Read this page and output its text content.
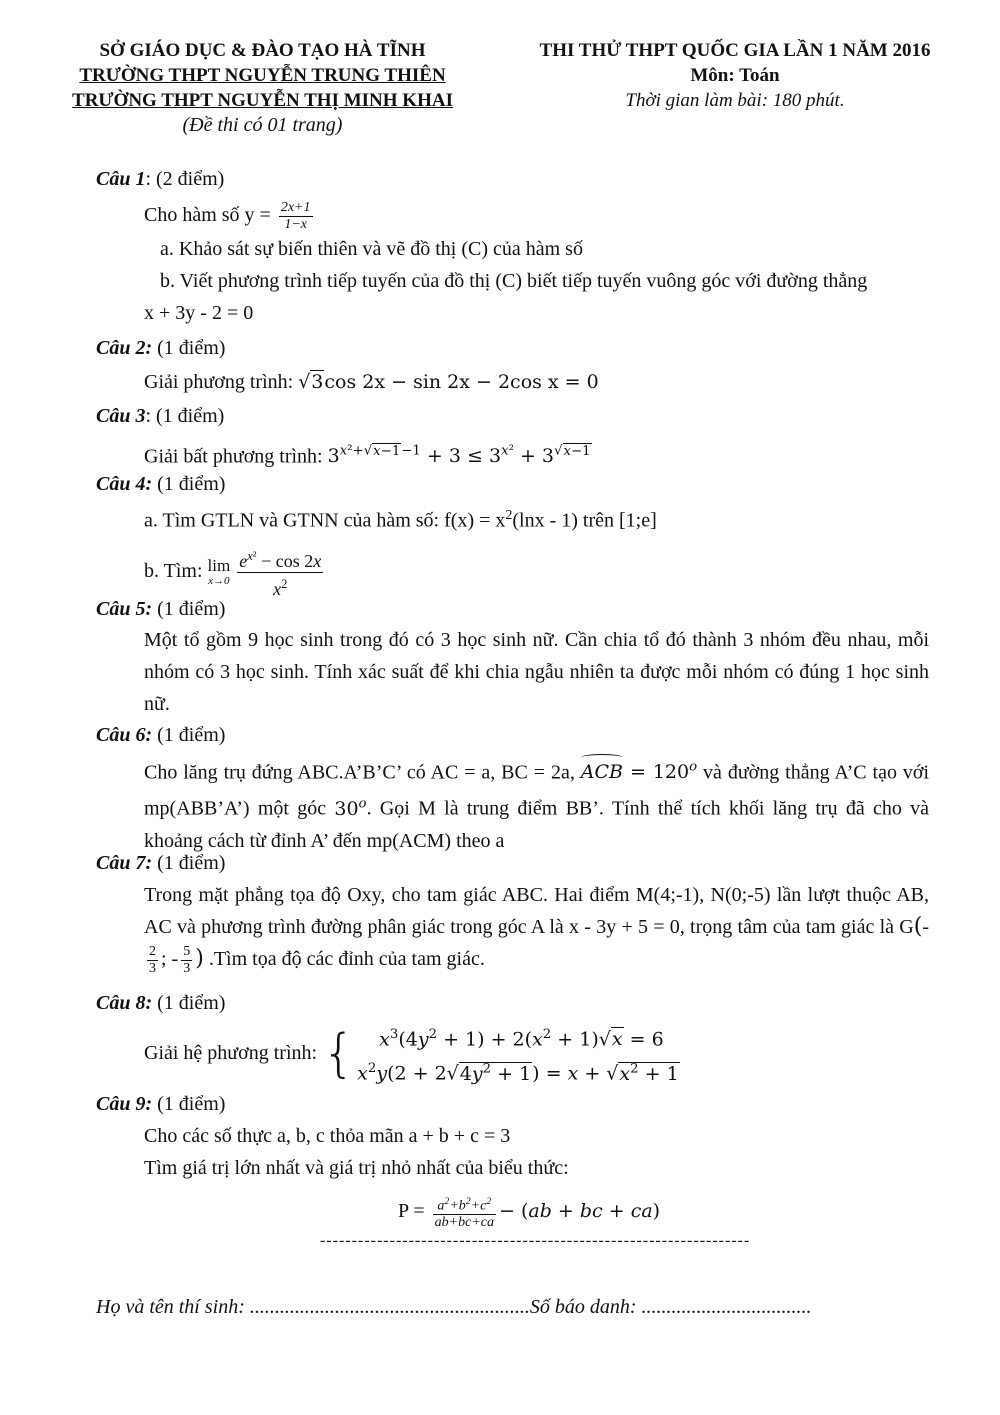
SỞ GIÁO DỤC & ĐÀO TẠO HÀ TĨNH
TRƯỜNG THPT NGUYỄN TRUNG THIÊN
TRƯỜNG THPT NGUYỄN THỊ MINH KHAI
(Đề thi có 01 trang)
THI THỬ THPT QUỐC GIA LẦN 1 NĂM 2016
Môn: Toán
Thời gian làm bài: 180 phút.
Câu 1: (2 điểm)
Cho hàm số $y = \frac{2x+1}{1-x}$
a. Khảo sát sự biến thiên và vẽ đồ thị (C) của hàm số
b. Viết phương trình tiếp tuyến của đồ thị (C) biết tiếp tuyến vuông góc với đường thẳng
x + 3y - 2 = 0
Câu 2: (1 điểm)
Giải phương trình: √3cos 2x − sin 2x − 2cos x = 0
Câu 3: (1 điểm)
Giải bất phương trình: $3^{x^2+√x-1-1} + 3 \le 3^{x^2} + 3^{√x-1}$
Câu 4: (1 điểm)
a. Tìm GTLN và GTNN của hàm số: $f(x) = x^2(\ln x - 1)$ trên [1;e]
b. Tìm: lim
$x\to 0 \frac{e^{x^2} - \cos 2x}{x^2}$
Câu 5: (1 điểm)
Một tổ gồm 9 học sinh trong đó có 3 học sinh nữ. Cần chia tổ đó thành 3 nhóm đều nhau, mỗi nhóm có 3 học sinh. Tính xác suất để khi chia ngẫu nhiên ta được mỗi nhóm có đúng 1 học sinh nữ.
Câu 6: (1 điểm)
Cho lăng trụ đứng ABC.A’B’C’ có AC = a, BC = 2a, ACB = $120^o$ và đường thẳng A’C tạo với mp(ABB’A’) một góc 30$^o$. Gọi M là trung điểm BB’. Tính thể tích khối lăng trụ đã cho và khoảng cách từ đỉnh A’ đến mp(ACM) theo a
Câu 7: (1 điểm)
Trong mặt phẳng tọa độ Oxy, cho tam giác ABC. Hai điểm M(4;-1), N(0;-5) lần lượt thuộc AB, AC và phương trình đường phân giác trong góc A là x - 3y + 5 = 0, trọng tâm của tam giác là G(-
$\frac{2}{3}$ ; - $\frac{5}{3}$ ) .Tìm tọa độ các đỉnh của tam giác.
Câu 8: (1 điểm)
Giải hệ phương trình: {	$x^3(4y^2 + 1) + 2(x^2 + 1)√x = 6$
$x^2y(2 + 2√4y^2 + 1) = x + √x^2 + 1$
Câu 9: (1 điểm)
Cho các số thực a, b, c thỏa mãn a + b + c = 3
Tìm giá trị lớn nhất và giá trị nhỏ nhất của biểu thức:
$P = \frac{a^2+b^2+c^2}{ab+bc+ca} - (ab$ + bc + ca)
--------------------------------------------------------------------
Họ và tên thí sinh: ........................................................Số báo danh: ..................................
